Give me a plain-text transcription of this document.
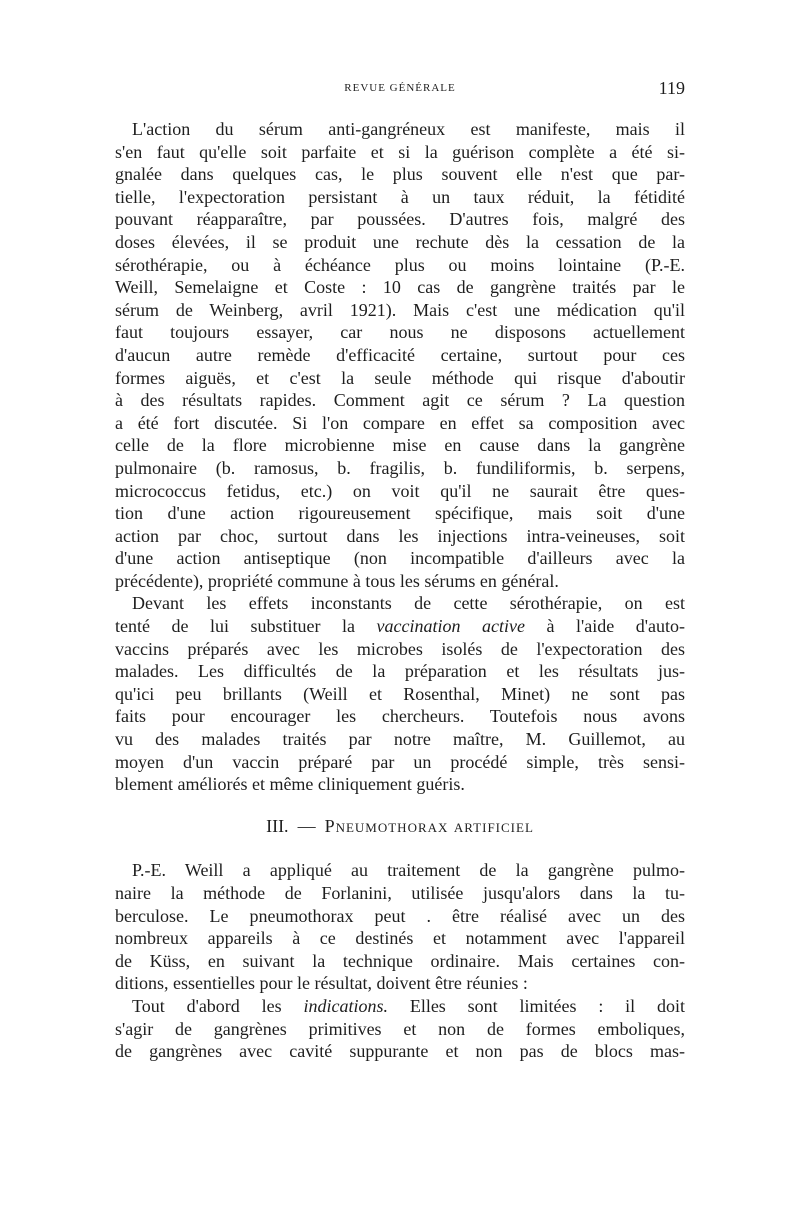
REVUE GÉNÉRALE	119
L'action du sérum anti-gangréneux est manifeste, mais il
s'en faut qu'elle soit parfaite et si la guérison complète a été si-
gnalée dans quelques cas, le plus souvent elle n'est que par-
tielle, l'expectoration persistant à un taux réduit, la fétidité
pouvant réapparaître, par poussées. D'autres fois, malgré des
doses élevées, il se produit une rechute dès la cessation de la
sérothérapie, ou à échéance plus ou moins lointaine (P.-E.
Weill, Semelaigne et Coste : 10 cas de gangrène traités par le
sérum de Weinberg, avril 1921). Mais c'est une médication qu'il
faut toujours essayer, car nous ne disposons actuellement
d'aucun autre remède d'efficacité certaine, surtout pour ces
formes aiguës, et c'est la seule méthode qui risque d'aboutir
à des résultats rapides. Comment agit ce sérum ? La question
a été fort discutée. Si l'on compare en effet sa composition avec
celle de la flore microbienne mise en cause dans la gangrène
pulmonaire (b. ramosus, b. fragilis, b. fundiliformis, b. serpens,
micrococcus fetidus, etc.) on voit qu'il ne saurait être ques-
tion d'une action rigoureusement spécifique, mais soit d'une
action par choc, surtout dans les injections intra-veineuses, soit
d'une action antiseptique (non incompatible d'ailleurs avec la
précédente), propriété commune à tous les sérums en général.
Devant les effets inconstants de cette sérothérapie, on est
tenté de lui substituer la vaccination active à l'aide d'auto-
vaccins préparés avec les microbes isolés de l'expectoration des
malades. Les difficultés de la préparation et les résultats jus-
qu'ici peu brillants (Weill et Rosenthal, Minet) ne sont pas
faits pour encourager les chercheurs. Toutefois nous avons
vu des malades traités par notre maître, M. Guillemot, au
moyen d'un vaccin préparé par un procédé simple, très sensi-
blement améliorés et même cliniquement guéris.
III. — Pneumothorax artificiel
P.-E. Weill a appliqué au traitement de la gangrène pulmo-
naire la méthode de Forlanini, utilisée jusqu'alors dans la tu-
berculose. Le pneumothorax peut . être réalisé avec un des
nombreux appareils à ce destinés et notamment avec l'appareil
de Küss, en suivant la technique ordinaire. Mais certaines con-
ditions, essentielles pour le résultat, doivent être réunies :
Tout d'abord les indications. Elles sont limitées : il doit
s'agir de gangrènes primitives et non de formes emboliques,
de gangrènes avec cavité suppurante et non pas de blocs mas-
